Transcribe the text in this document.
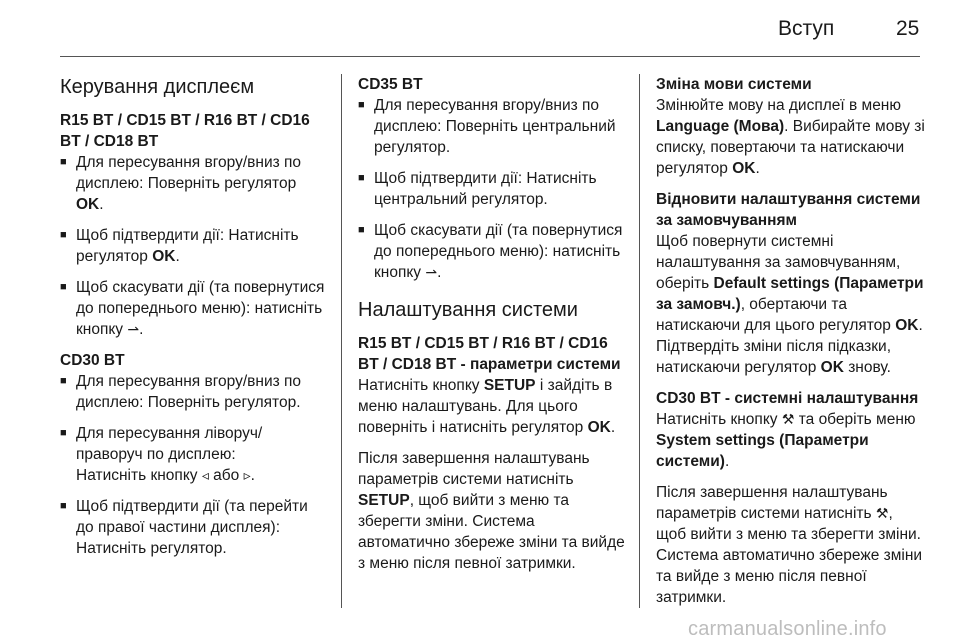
Вступ	25
Керування дисплеєм

R15 BT / CD15 BT / R16 BT / CD16 BT / CD18 BT

■ Для пересування вгору/вниз по дисплею: Поверніть регулятор OK.
■ Щоб підтвердити дії: Натисніть регулятор OK.
■ Щоб скасувати дії (та повернутися до попереднього меню): натисніть кнопку ⇀.

CD30 BT

■ Для пересування вгору/вниз по дисплею: Поверніть регулятор.
■ Для пересування ліворуч/праворуч по дисплею:
Натисніть кнопку ◃ або ▹.
■ Щоб підтвердити дії (та перейти до правої частини дисплея): Натисніть регулятор.

CD35 BT

■ Для пересування вгору/вниз по дисплею: Поверніть центральний регулятор.
■ Щоб підтвердити дії: Натисніть центральний регулятор.
■ Щоб скасувати дії (та повернутися до попереднього меню): натисніть кнопку ⇀.
Налаштування системи

R15 BT / CD15 BT / R16 BT / CD16 BT / CD18 BT - параметри системи

Натисніть кнопку SETUP і зайдіть в меню налаштувань. Для цього поверніть і натисніть регулятор OK.

Після завершення налаштувань параметрів системи натисніть SETUP, щоб вийти з меню та зберегти зміни. Система автоматично збереже зміни та вийде з меню після певної затримки.

Зміна мови системи

Змінюйте мову на дисплеї в меню Language (Мова). Вибирайте мову зі списку, повертаючи та натискаючи регулятор OK.

Відновити налаштування системи за замовчуванням

Щоб повернути системні налаштування за замовчуванням, оберіть Default settings (Параметри за замовч.), обертаючи та натискаючи для цього регулятор OK. Підтвердіть зміни після підказки, натискаючи регулятор OK знову.

CD30 BT - системні налаштування

Натисніть кнопку ⚒ та оберіть меню System settings (Параметри системи).

Після завершення налаштувань параметрів системи натисніть ⚒, щоб вийти з меню та зберегти зміни. Система автоматично збереже зміни та вийде з меню після певної затримки.

carmanualsonline.info
